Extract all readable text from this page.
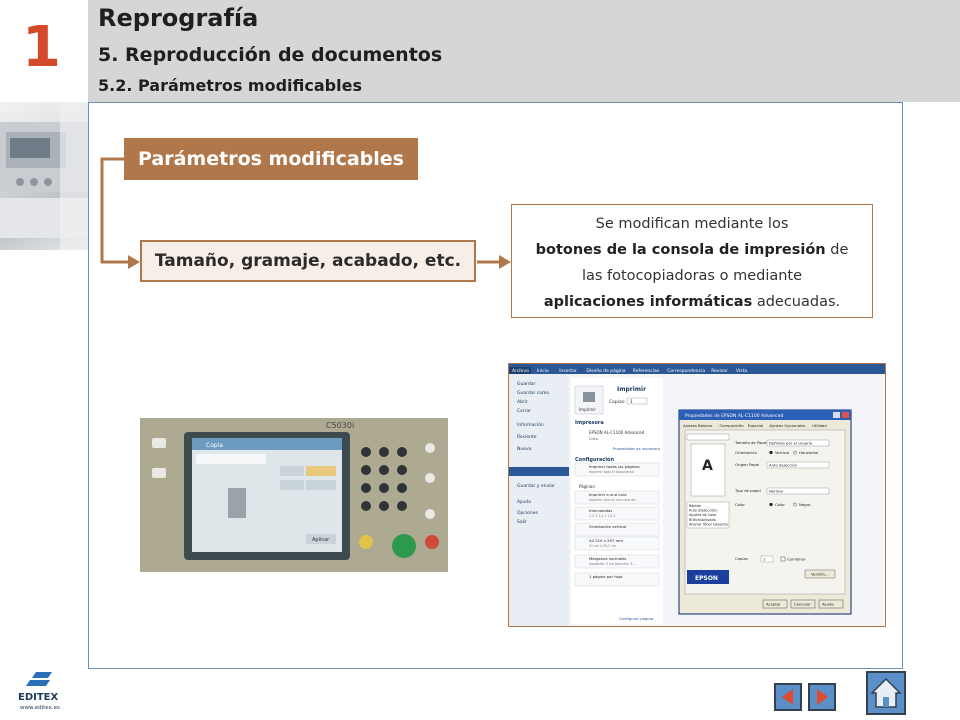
1 Reprografía
5. Reproducción de documentos
5.2. Parámetros modificables
Parámetros modificables
Tamaño, gramaje, acabado, etc.
Se modifican mediante los
botones de la consola de impresión de
las fotocopiadoras o mediante
aplicaciones informáticas adecuadas.
Copia
Aplicar
C5030i
Archivo Inicio Insertar Diseño de página Referencias Correspondencia Revisar Vista
Guardar
Guardar como
Abrir
Cerrar
Información
Reciente
Nuevo
Guardar y enviar
Ayuda
Opciones
Salir
Imprimir
Imprimir
Copias: 1
Impresora
EPSON AL-C1100 Advanced
Listo
Propiedades de impresora
Configuración
Imprimir todas las páginas
Imprimir todo el documento
Imprimir a una cara
Imprimir solo en una cara de...
Intercaladas
1,2,3 1,2,3 1,2,3
Orientación vertical
A4 210 x 297 mm
21 cm x 29,7 cm
Márgenes normales
Izquierda: 3 cm Derecha: 3...
1 página por hoja
Páginas:
Configurar página
Propiedades de EPSON AL-C1100 Advanced
Ajustes Básicos Composición Especial Ajustes Opcionales Utilidad
A
Rápido
Auto (Detección)
Ajustes de Color
RITech/Activado
Ahorrar Tóner Desactiv.
EPSON
Tamaño de Papel Definido por el usuario
Orientación	Vertical	Horizontal
Origen Papel	Auto Selección
Tipo de papel Normal
Color	Color	Negro
Copias	1	Combinar
Versión...
Aceptar	Cancelar	Ayuda
EDITEX
www.editex.es
